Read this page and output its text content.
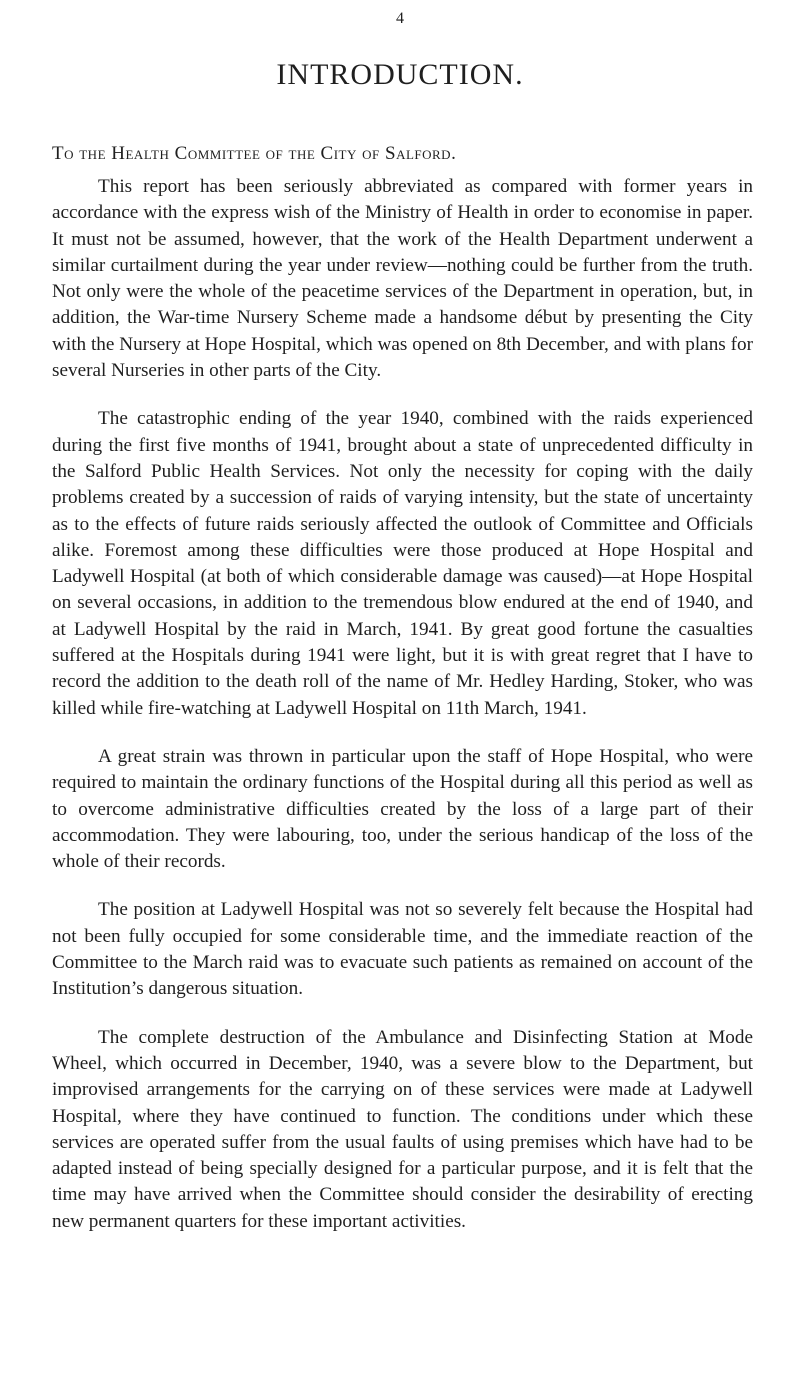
4
INTRODUCTION.

To the Health Committee of the City of Salford.

This report has been seriously abbreviated as compared with former years in accordance with the express wish of the Ministry of Health in order to economise in paper. It must not be assumed, however, that the work of the Health Department underwent a similar curtailment during the year under review—nothing could be further from the truth. Not only were the whole of the peacetime services of the Department in operation, but, in addition, the War-time Nursery Scheme made a handsome début by presenting the City with the Nursery at Hope Hospital, which was opened on 8th December, and with plans for several Nurseries in other parts of the City.

The catastrophic ending of the year 1940, combined with the raids experienced during the first five months of 1941, brought about a state of unprecedented difficulty in the Salford Public Health Services. Not only the necessity for coping with the daily problems created by a succession of raids of varying intensity, but the state of uncertainty as to the effects of future raids seriously affected the outlook of Committee and Officials alike. Foremost among these difficulties were those produced at Hope Hospital and Ladywell Hospital (at both of which considerable damage was caused)—at Hope Hospital on several occasions, in addition to the tremendous blow endured at the end of 1940, and at Ladywell Hospital by the raid in March, 1941. By great good fortune the casualties suffered at the Hospitals during 1941 were light, but it is with great regret that I have to record the addition to the death roll of the name of Mr. Hedley Harding, Stoker, who was killed while fire-watching at Ladywell Hospital on 11th March, 1941.

A great strain was thrown in particular upon the staff of Hope Hospital, who were required to maintain the ordinary functions of the Hospital during all this period as well as to overcome administrative difficulties created by the loss of a large part of their accommodation. They were labouring, too, under the serious handicap of the loss of the whole of their records.

The position at Ladywell Hospital was not so severely felt because the Hospital had not been fully occupied for some considerable time, and the immediate reaction of the Committee to the March raid was to evacuate such patients as remained on account of the Institution’s dangerous situation.

The complete destruction of the Ambulance and Disinfecting Station at Mode Wheel, which occurred in December, 1940, was a severe blow to the Department, but improvised arrangements for the carrying on of these services were made at Ladywell Hospital, where they have continued to function. The conditions under which these services are operated suffer from the usual faults of using premises which have had to be adapted instead of being specially designed for a particular purpose, and it is felt that the time may have arrived when the Committee should consider the desirability of erecting new permanent quarters for these important activities.
